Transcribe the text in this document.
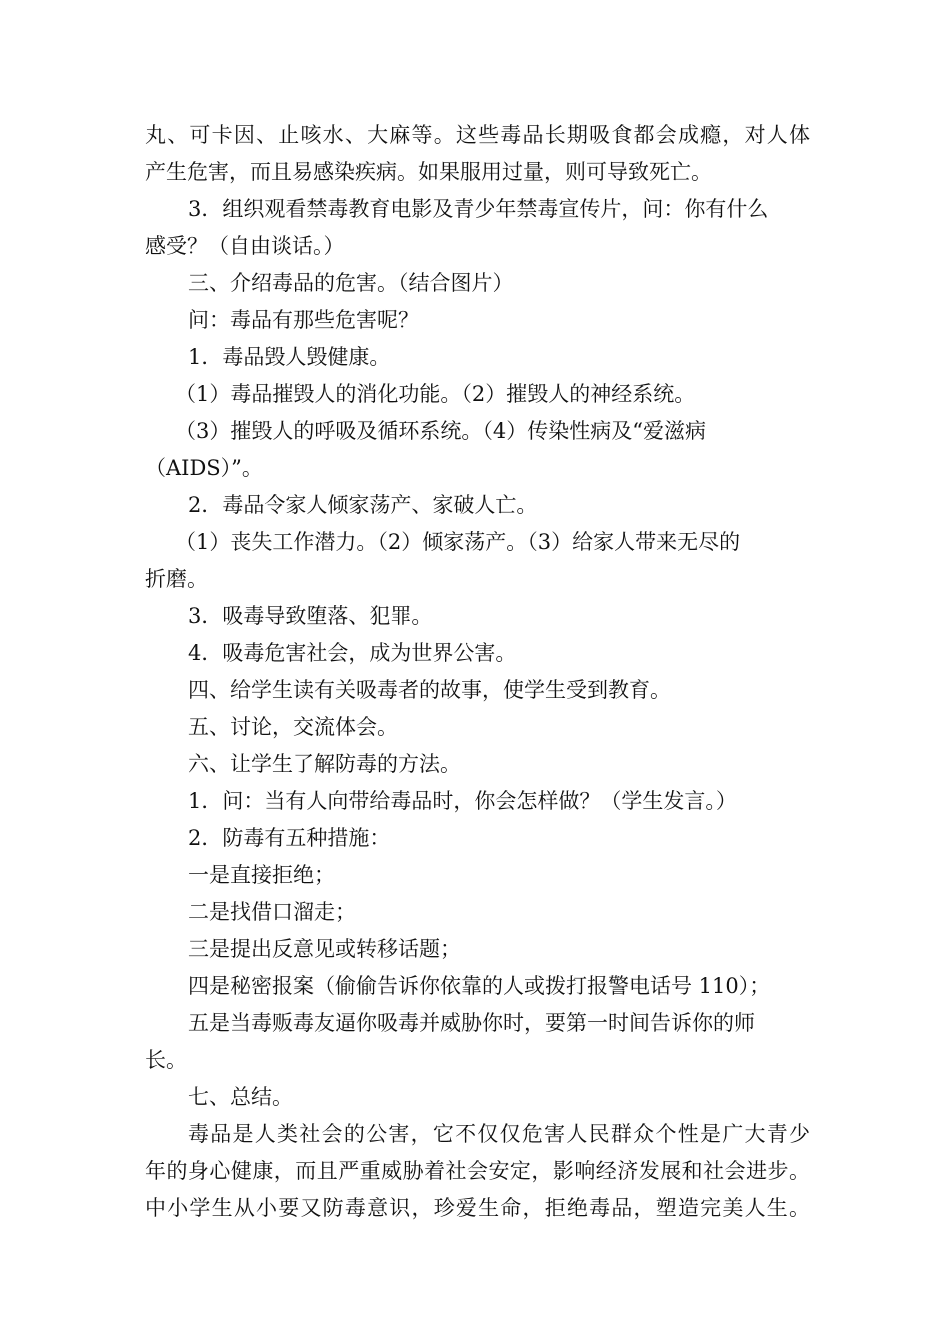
丸、可卡因、止咳水、大麻等。这些毒品长期吸食都会成瘾，对人体
产生危害，而且易感染疾病。如果服用过量，则可导致死亡。
3．组织观看禁毒教育电影及青少年禁毒宣传片，问：你有什么
感受？（自由谈话。）
三、介绍毒品的危害。（结合图片）
问：毒品有那些危害呢？
1．毒品毁人毁健康。
（1）毒品摧毁人的消化功能。（2）摧毁人的神经系统。
（3）摧毁人的呼吸及循环系统。（4）传染性病及“爱滋病
（AIDS）”。
2．毒品令家人倾家荡产、家破人亡。
（1）丧失工作潜力。（2）倾家荡产。（3）给家人带来无尽的
折磨。
3．吸毒导致堕落、犯罪。
4．吸毒危害社会，成为世界公害。
四、给学生读有关吸毒者的故事，使学生受到教育。
五、讨论，交流体会。
六、让学生了解防毒的方法。
1．问：当有人向带给毒品时，你会怎样做？（学生发言。）
2．防毒有五种措施：
一是直接拒绝；
二是找借口溜走；
三是提出反意见或转移话题；
四是秘密报案（偷偷告诉你依靠的人或拨打报警电话号 110）；
五是当毒贩毒友逼你吸毒并威胁你时，要第一时间告诉你的师
长。
七、总结。
毒品是人类社会的公害，它不仅仅危害人民群众个性是广大青少
年的身心健康，而且严重威胁着社会安定，影响经济发展和社会进步。
中小学生从小要又防毒意识，珍爱生命，拒绝毒品，塑造完美人生。
